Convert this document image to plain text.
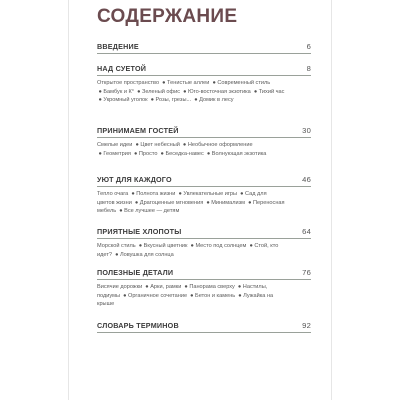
СОДЕРЖАНИЕ
ВВЕДЕНИЕ	6
НАД СУЕТОЙ	8
Открытое пространство ● Тенистые аллеи ● Современный стиль ● Бамбук и К° ● Зеленый офис ● Юго-восточная экзотика ● Тихий час ● Укромный уголок ● Розы, грезы... ● Домик в лесу
ПРИНИМАЕМ ГОСТЕЙ	30
Смелые идеи ● Цвет небесный ● Необычное оформление ● Геометрия ● Просто ● Беседка-навес ● Волнующая экзотика
УЮТ ДЛЯ КАЖДОГО	46
Тепло очага ● Полнота жизни ● Увлекательные игры ● Сад для цветов жизни ● Драгоценные мгновения ● Минимализм ● Переносная мебель ● Все лучшее — детям
ПРИЯТНЫЕ ХЛОПОТЫ	64
Морской стиль ● Вкусный цветник ● Место под солнцем ● Стой, кто идет? ● Ловушка для солнца
ПОЛЕЗНЫЕ ДЕТАЛИ	76
Висячие дорожки ● Арки, рамки ● Панорама сверху ● Настилы, подиумы ● Органичное сочетание ● Бетон и камень ● Лужайка на крыше
СЛОВАРЬ ТЕРМИНОВ	92
